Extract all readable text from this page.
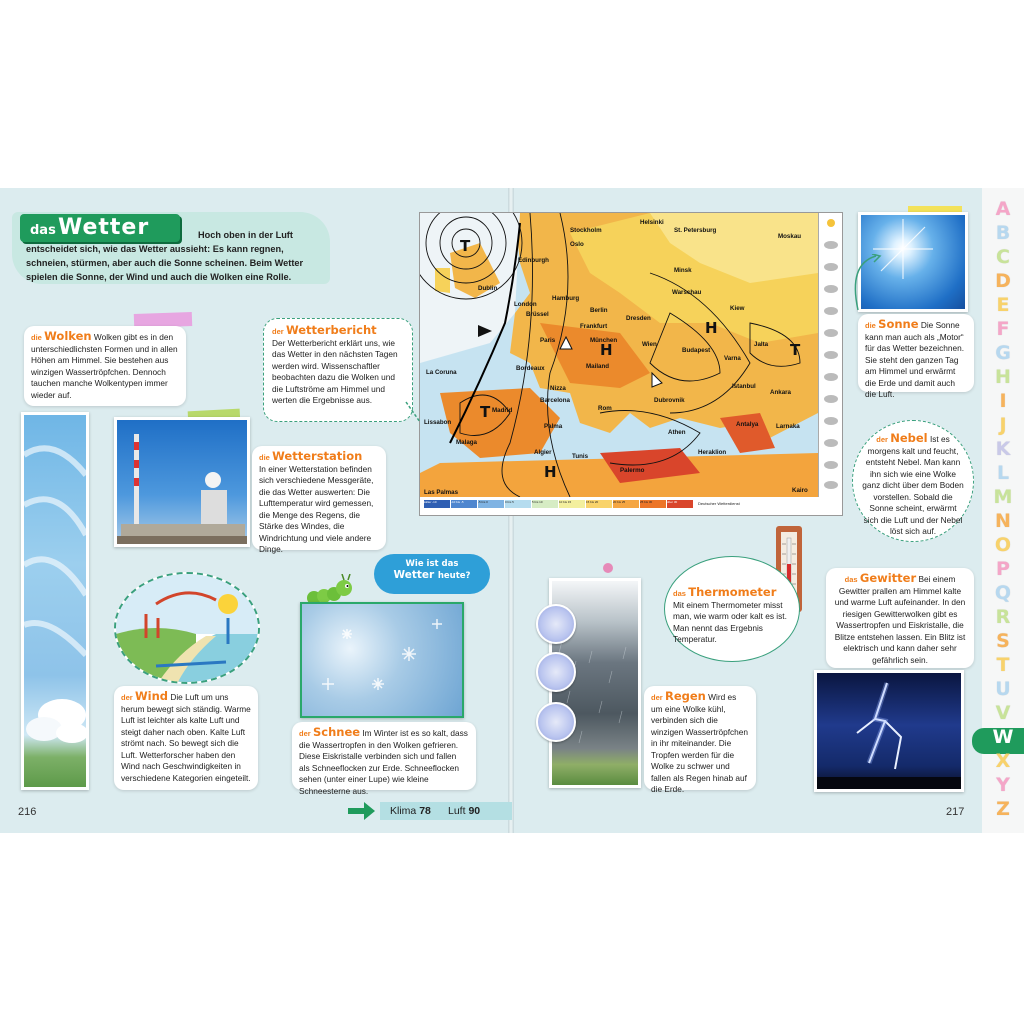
das Wetter	Hoch oben in der Luft entscheidet sich, wie das Wetter aussieht: Es kann regnen, schneien, stürmen, aber auch die Sonne scheinen. Beim Wetter spielen die Sonne, der Wind und auch die Wolken eine Rolle.
die Wolken Wolken gibt es in den unterschiedlichsten Formen und in allen Höhen am Himmel. Sie bestehen aus winzigen Wassertröpfchen. Dennoch tauchen manche Wolkentypen immer wieder auf.
der Wetterbericht
Der Wetterbericht erklärt uns, wie das Wetter in den nächsten Tagen werden wird. Wissenschaftler beobachten dazu die Wolken und die Luftströme am Himmel und werten die Ergebnisse aus.
die Wetterstation
In einer Wetterstation befinden sich verschiedene Messgeräte, die das Wetter auswerten: Die Lufttemperatur wird gemessen, die Menge des Regens, die Stärke des Windes, die Windrichtung und viele andere Dinge.
Wie ist das
Wetter heute?
der Wind Die Luft um uns herum bewegt sich ständig. Warme Luft ist leichter als kalte Luft und steigt daher nach oben. Kalte Luft strömt nach. So bewegt sich die Luft. Wetterforscher haben den Wind nach Geschwindigkeiten in verschiedene Kategorien eingeteilt.
der Schnee Im Winter ist es so kalt, dass die Wassertropfen in den Wolken gefrieren. Diese Eiskristalle verbinden sich und fallen als Schneeflocken zur Erde. Schneeflocken sehen (unter einer Lupe) wie kleine Schneesterne aus.
216	Klima 78 Luft 90
T
T
H
H
H
T
Stockholm
Helsinki
St. Petersburg
Moskau
Oslo
Edinburgh
Dublin
London
Hamburg
Berlin
Brüssel
Frankfurt
Warschau
Minsk
Kiew
Paris	München
Dresden
Wien
Budapest
Bordeaux	Mailand
Varna
Jalta
Istanbul
Ankara
La Coruna
Nizza
Dubrovnik
Madrid
Barcelona
Rom
Lissabon
Palma
Athen
Antalya	Larnaka
Malaga
Algier
Tunis
Palermo
Heraklion
Kairo
Las Palmas
kälter -10	-10 bis -5	-5 bis 0	0 bis 5	5 bis 10	10 bis 15	15 bis 20	20 bis 25	25 bis 30	über 30	Deutscher Wetterdienst
die Sonne Die Sonne kann man auch als „Motor“ für das Wetter bezeichnen. Sie steht den ganzen Tag am Himmel und erwärmt die Erde und damit auch die Luft.
der Nebel Ist es morgens kalt und feucht, entsteht Nebel. Man kann ihn sich wie eine Wolke ganz dicht über dem Boden vorstellen. Sobald die Sonne scheint, erwärmt sich die Luft und der Nebel löst sich auf.
das Thermometer
Mit einem Thermometer misst man, wie warm oder kalt es ist. Man nennt das Ergebnis Temperatur.
der Regen Wird es um eine Wolke kühl, verbinden sich die winzigen Wassertröpfchen in ihr miteinander. Die Tropfen werden für die Wolke zu schwer und fallen als Regen hinab auf die Erde.
das Gewitter Bei einem Gewitter prallen am Himmel kalte und warme Luft aufeinander. In den riesigen Gewitterwolken gibt es Wassertropfen und Eiskristalle, die Blitze entstehen lassen. Ein Blitz ist elektrisch und kann daher sehr gefährlich sein.
217
A
B
C
D
E
F
G
H
I
J
K
L
M
N
O
P
Q
R
S
T
U
V
W
X
Y
Z
